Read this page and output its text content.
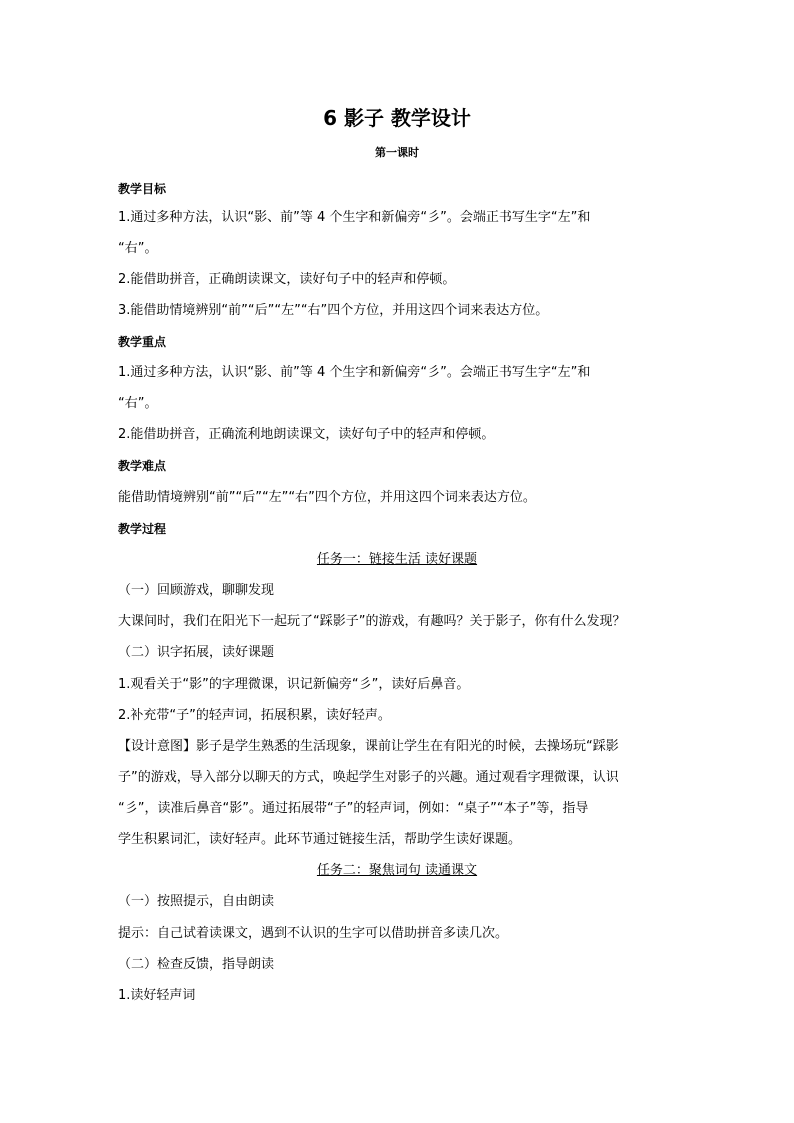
6 影子 教学设计
第一课时
教学目标
1.通过多种方法，认识“影、前”等 4 个生字和新偏旁“彡”。会端正书写生字“左”和
“右”。
2.能借助拼音，正确朗读课文，读好句子中的轻声和停顿。
3.能借助情境辨别“前”“后”“左”“右”四个方位，并用这四个词来表达方位。
教学重点
1.通过多种方法，认识“影、前”等 4 个生字和新偏旁“彡”。会端正书写生字“左”和
“右”。
2.能借助拼音，正确流利地朗读课文，读好句子中的轻声和停顿。
教学难点
能借助情境辨别“前”“后”“左”“右”四个方位，并用这四个词来表达方位。
教学过程
任务一：链接生活 读好课题
（一）回顾游戏，聊聊发现
大课间时，我们在阳光下一起玩了“踩影子”的游戏，有趣吗？关于影子，你有什么发现？
（二）识字拓展，读好课题
1.观看关于“影”的字理微课，识记新偏旁“彡”，读好后鼻音。
2.补充带“子”的轻声词，拓展积累，读好轻声。
【设计意图】影子是学生熟悉的生活现象，课前让学生在有阳光的时候，去操场玩“踩影
子”的游戏，导入部分以聊天的方式，唤起学生对影子的兴趣。通过观看字理微课，认识
“彡”，读准后鼻音“影”。通过拓展带“子”的轻声词，例如：“桌子”“本子”等，指导
学生积累词汇，读好轻声。此环节通过链接生活，帮助学生读好课题。
任务二：聚焦词句 读通课文
（一）按照提示，自由朗读
提示：自己试着读课文，遇到不认识的生字可以借助拼音多读几次。
（二）检查反馈，指导朗读
1.读好轻声词
